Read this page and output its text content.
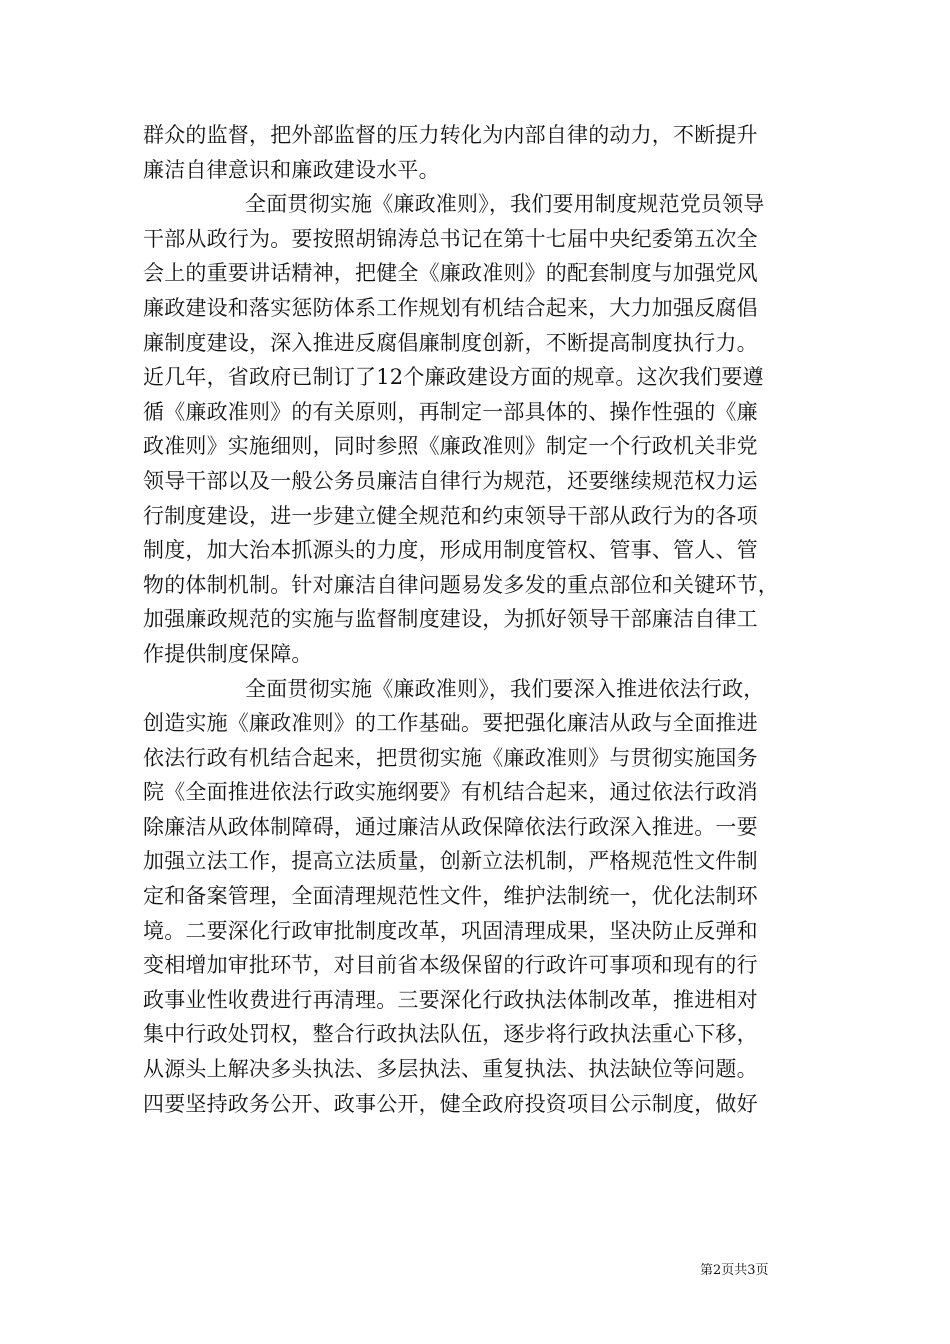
群众的监督，把外部监督的压力转化为内部自律的动力，不断提升
廉洁自律意识和廉政建设水平。
全面贯彻实施《廉政准则》，我们要用制度规范党员领导
干部从政行为。要按照胡锦涛总书记在第十七届中央纪委第五次全
会上的重要讲话精神，把健全《廉政准则》的配套制度与加强党风
廉政建设和落实惩防体系工作规划有机结合起来，大力加强反腐倡
廉制度建设，深入推进反腐倡廉制度创新，不断提高制度执行力。
近几年，省政府已制订了12个廉政建设方面的规章。这次我们要遵
循《廉政准则》的有关原则，再制定一部具体的、操作性强的《廉
政准则》实施细则，同时参照《廉政准则》制定一个行政机关非党
领导干部以及一般公务员廉洁自律行为规范，还要继续规范权力运
行制度建设，进一步建立健全规范和约束领导干部从政行为的各项
制度，加大治本抓源头的力度，形成用制度管权、管事、管人、管
物的体制机制。针对廉洁自律问题易发多发的重点部位和关键环节，
加强廉政规范的实施与监督制度建设，为抓好领导干部廉洁自律工
作提供制度保障。
全面贯彻实施《廉政准则》，我们要深入推进依法行政，
创造实施《廉政准则》的工作基础。要把强化廉洁从政与全面推进
依法行政有机结合起来，把贯彻实施《廉政准则》与贯彻实施国务
院《全面推进依法行政实施纲要》有机结合起来，通过依法行政消
除廉洁从政体制障碍，通过廉洁从政保障依法行政深入推进。一要
加强立法工作，提高立法质量，创新立法机制，严格规范性文件制
定和备案管理，全面清理规范性文件，维护法制统一，优化法制环
境。二要深化行政审批制度改革，巩固清理成果，坚决防止反弹和
变相增加审批环节，对目前省本级保留的行政许可事项和现有的行
政事业性收费进行再清理。三要深化行政执法体制改革，推进相对
集中行政处罚权，整合行政执法队伍，逐步将行政执法重心下移，
从源头上解决多头执法、多层执法、重复执法、执法缺位等问题。
四要坚持政务公开、政事公开，健全政府投资项目公示制度，做好
第2页共3页
